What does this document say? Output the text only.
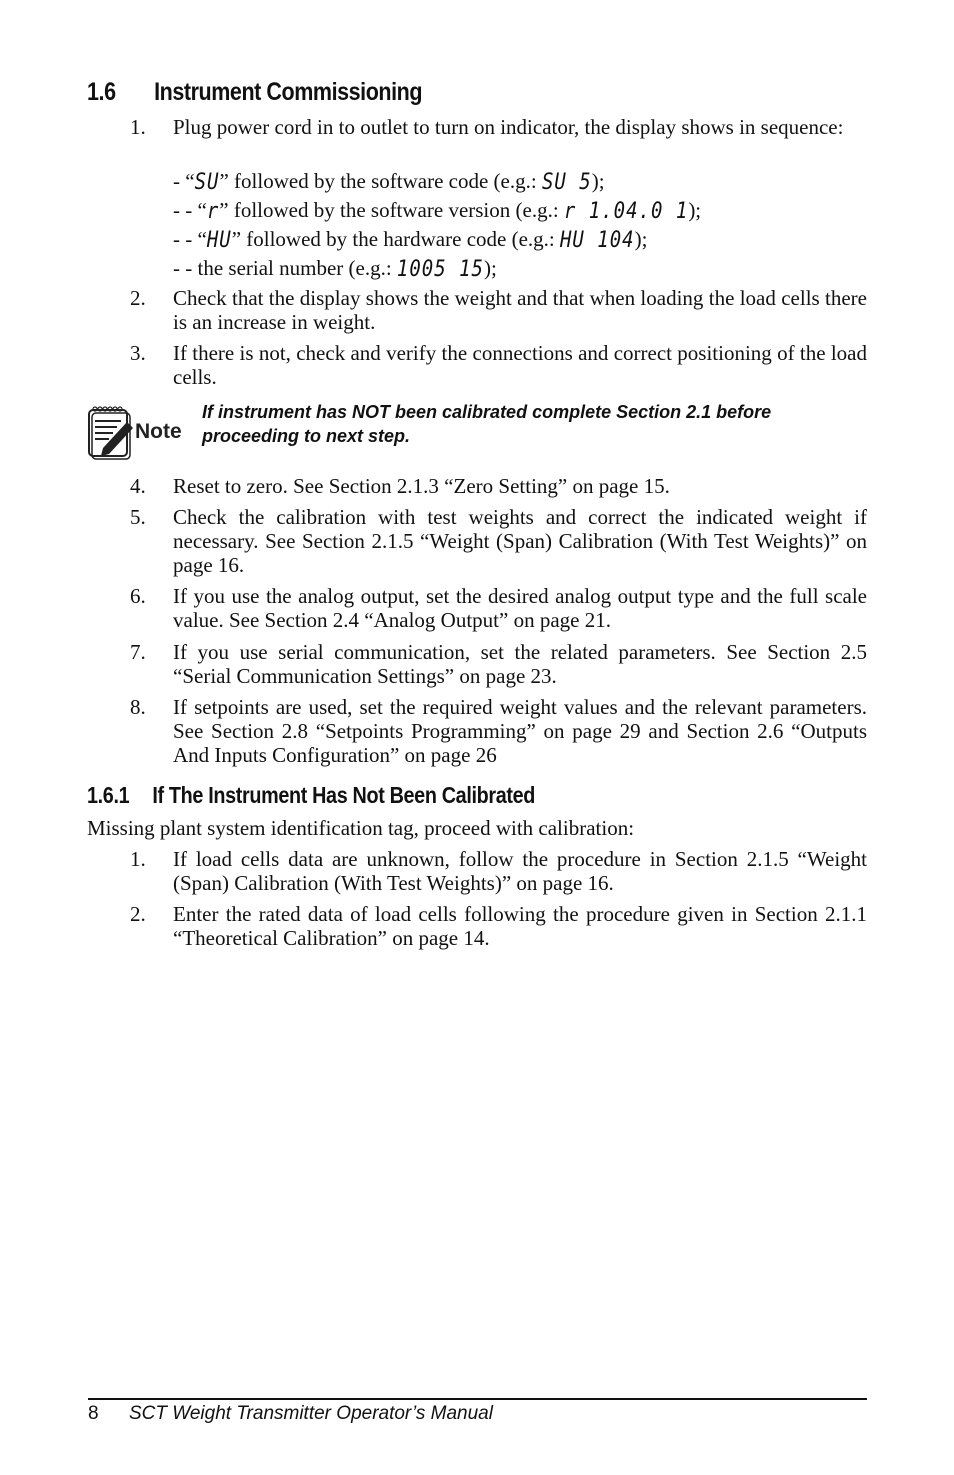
1.6 Instrument Commissioning
1. Plug power cord in to outlet to turn on indicator, the display shows in sequence:
- “SU” followed by the software code (e.g.: SU 5);
- - “r” followed by the software version (e.g.: r 1.04.0 1);
- - “HU” followed by the hardware code (e.g.: HU 104);
- - the serial number (e.g.: 1005 15);
2. Check that the display shows the weight and that when loading the load cells there is an increase in weight.
3. If there is not, check and verify the connections and correct positioning of the load cells.
Note
If instrument has NOT been calibrated complete Section 2.1 before proceeding to next step.
4. Reset to zero. See Section 2.1.3 “Zero Setting” on page 15.
5. Check the calibration with test weights and correct the indicated weight if necessary. See Section 2.1.5 “Weight (Span) Calibration (With Test Weights)” on page 16.
6. If you use the analog output, set the desired analog output type and the full scale value. See Section 2.4 “Analog Output” on page 21.
7. If you use serial communication, set the related parameters. See Section 2.5 “Serial Communication Settings” on page 23.
8. If setpoints are used, set the required weight values and the relevant parameters. See Section 2.8 “Setpoints Programming” on page 29 and Section 2.6 “Outputs And Inputs Configuration” on page 26
1.6.1 If The Instrument Has Not Been Calibrated
Missing plant system identification tag, proceed with calibration:
1. If load cells data are unknown, follow the procedure in Section 2.1.5 “Weight (Span) Calibration (With Test Weights)” on page 16.
2. Enter the rated data of load cells following the procedure given in Section 2.1.1 “Theoretical Calibration” on page 14.
8 SCT Weight Transmitter Operator’s Manual
